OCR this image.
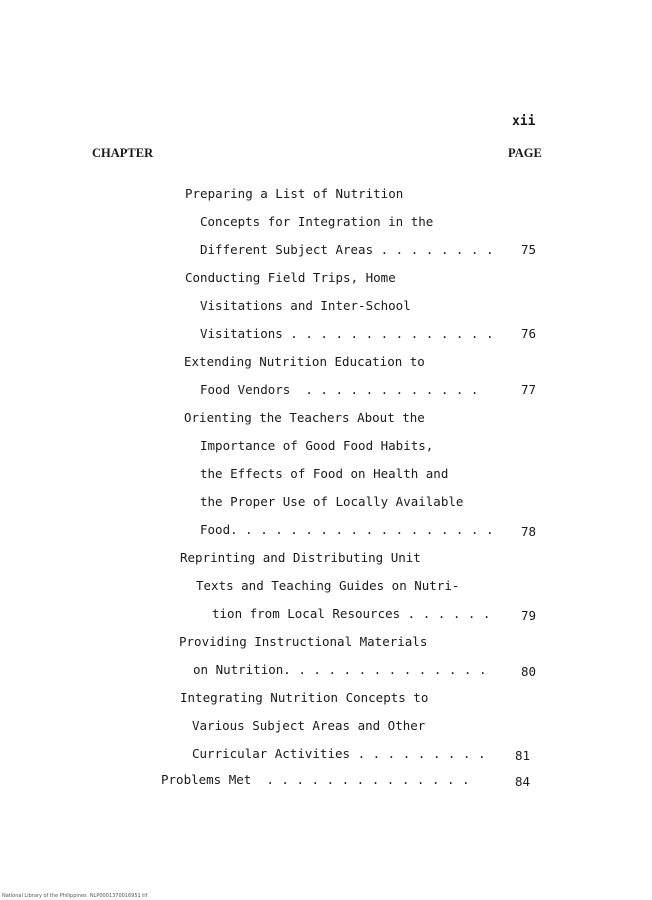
xii
CHAPTER	PAGE
Preparing a List of Nutrition
Concepts for Integration in the
Different Subject Areas . . . . . . . .	75
Conducting Field Trips, Home
Visitations and Inter-School
Visitations . . . . . . . . . . . . . .	76
Extending Nutrition Education to
Food Vendors  . . . . . . . . . . . .	77
Orienting the Teachers About the
Importance of Good Food Habits,
the Effects of Food on Health and
the Proper Use of Locally Available
Food. . . . . . . . . . . . . . . . . .	78
Reprinting and Distributing Unit
Texts and Teaching Guides on Nutri-
tion from Local Resources . . . . . .	79
Providing Instructional Materials
on Nutrition. . . . . . . . . . . . . .	80
Integrating Nutrition Concepts to
Various Subject Areas and Other
Curricular Activities . . . . . . . . .	81
Problems Met  . . . . . . . . . . . . . .	84
National Library of the Philippines  NLP0001370016951 tif
